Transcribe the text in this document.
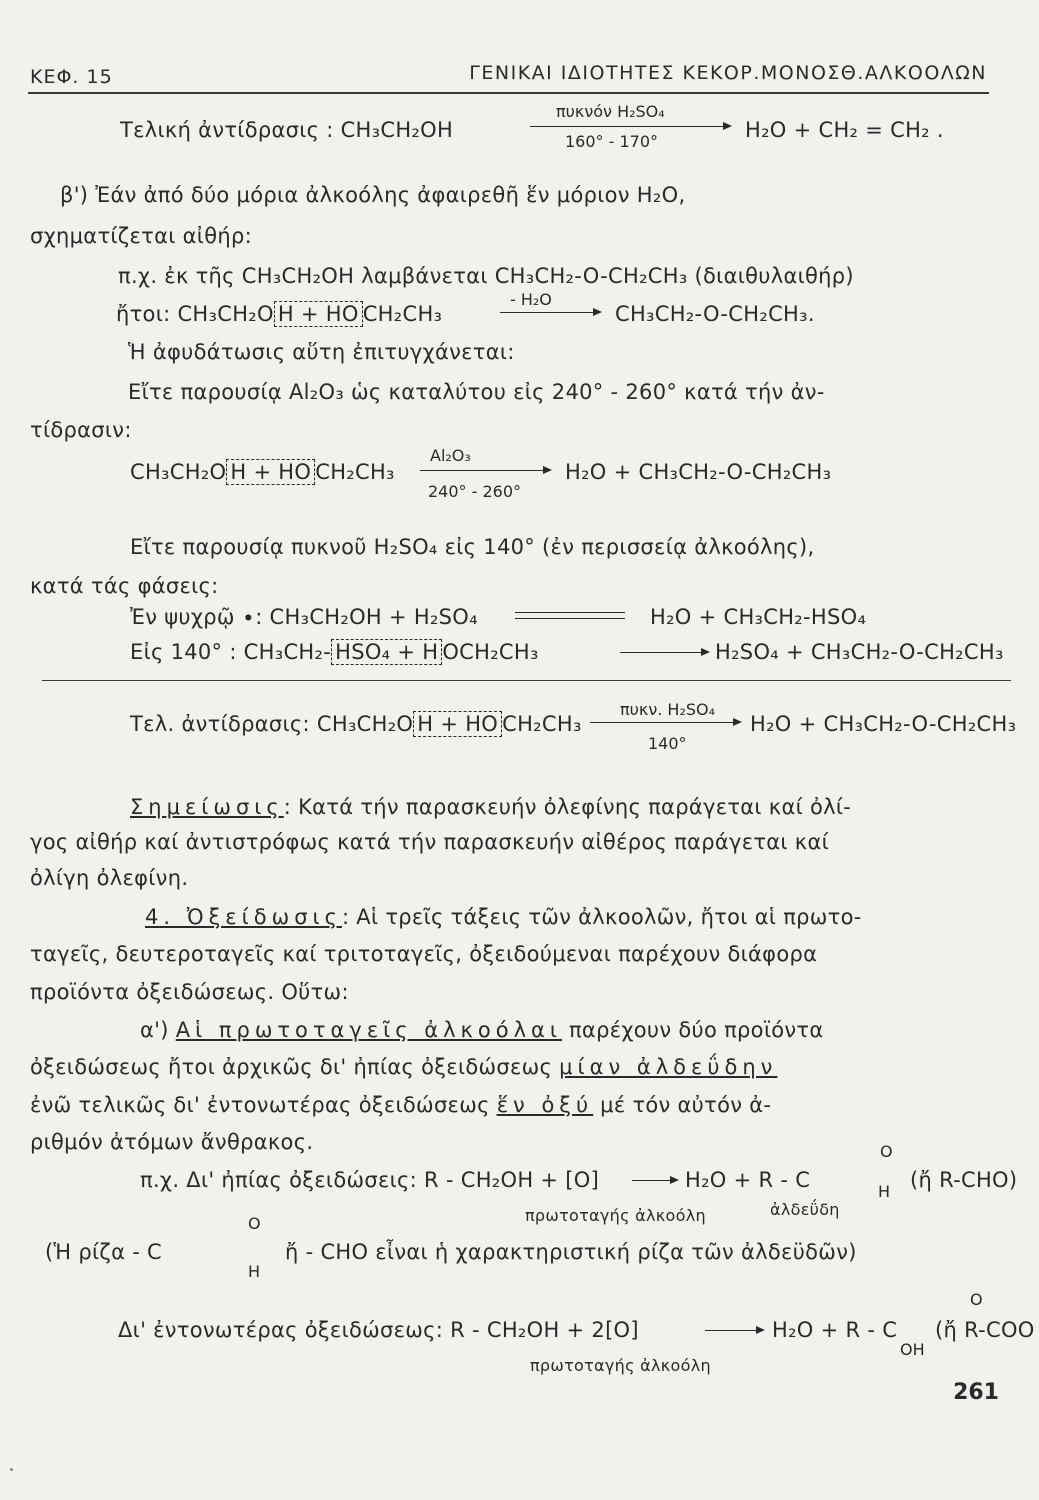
ΚΕΦ. 15	ΓΕΝΙΚΑΙ ΙΔΙΟΤΗΤΕΣ ΚΕΚΟΡ.ΜΟΝΟΣΘ.ΑΛΚΟΟΛΩΝ
Τελική ἀντίδρασις : CH₃CH₂OH
πυκνόν H₂SO₄
160° - 170°	H₂O + CH₂ = CH₂ .
β') Ἐάν ἀπό δύο μόρια ἀλκοόλης ἀφαιρεθῆ ἕν μόριον H₂O,
σχηματίζεται αἰθήρ:
π.χ. ἐκ τῆς CH₃CH₂OH λαμβάνεται CH₃CH₂-O-CH₂CH₃ (διαιθυλαιθήρ)
ἤτοι: CH₃CH₂O H + HO CH₂CH₃
- H₂O
CH₃CH₂-O-CH₂CH₃.
Ἡ ἀφυδάτωσις αὕτη ἐπιτυγχάνεται:
Εἴτε παρουσίᾳ Al₂O₃ ὡς καταλύτου εἰς 240° - 260° κατά τήν ἀν-
τίδρασιν:
CH₃CH₂O H + HO CH₂CH₃
Al₂O₃
240° - 260°
H₂O + CH₃CH₂-O-CH₂CH₃
Εἴτε παρουσίᾳ πυκνοῦ H₂SO₄ εἰς 140° (ἐν περισσείᾳ ἀλκοόλης),
κατά τάς φάσεις:
Ἐν ψυχρῷ ∙: CH₃CH₂OH + H₂SO₄	H₂O + CH₃CH₂-HSO₄
Εἰς 140° : CH₃CH₂- HSO₄ + H OCH₂CH₃	H₂SO₄ + CH₃CH₂-O-CH₂CH₃
Τελ. ἀντίδρασις: CH₃CH₂O H + HO CH₂CH₃
πυκν. H₂SO₄
140°
H₂O + CH₃CH₂-O-CH₂CH₃
Σημείωσις: Κατά τήν παρασκευήν ὀλεφίνης παράγεται καί ὀλί-
γος αἰθήρ καί ἀντιστρόφως κατά τήν παρασκευήν αἰθέρος παράγεται καί
ὀλίγη ὀλεφίνη.
4. Ὀξείδωσις: Αἱ τρεῖς τάξεις τῶν ἀλκοολῶν, ἤτοι αἱ πρωτο-
ταγεῖς, δευτεροταγεῖς καί τριτοταγεῖς, ὀξειδούμεναι παρέχουν διάφορα
προϊόντα ὀξειδώσεως. Οὕτω:
α') Αἱ πρωτοταγεῖς ἀλκοόλαι παρέχουν δύο προϊόντα
ὀξειδώσεως ἤτοι ἀρχικῶς δι' ἠπίας ὀξειδώσεως μίαν ἀλδεΰδην
ἐνῶ τελικῶς δι' ἐντονωτέρας ὀξειδώσεως ἕν ὀξύ μέ τόν αὐτόν ἀ-
ριθμόν ἀτόμων ἄνθρακος.
π.χ. Δι' ἠπίας ὀξειδώσεις: R - CH₂OH + [O] → H₂O + R - C
O
H (ἤ R-CHO)
πρωτοταγής ἀλκοόλη	ἀλδεΰδη
(Ἡ ρίζα - C
O
H
ἤ - CHO εἶναι ἡ χαρακτηριστική ρίζα τῶν ἀλδεϋδῶν)
Δι' ἐντονωτέρας ὀξειδώσεως: R - CH₂OH + 2[O]	→ H₂O + R - C
O
OH
(ἤ R-COO
πρωτοταγής ἀλκοόλη
261
